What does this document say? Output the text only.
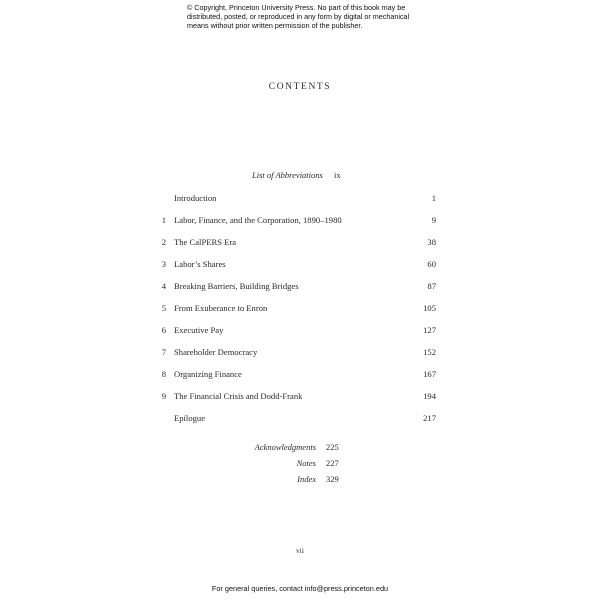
© Copyright, Princeton University Press. No part of this book may be distributed, posted, or reproduced in any form by digital or mechanical means without prior written permission of the publisher.
CONTENTS
List of Abbreviations ix
Introduction	1
1 Labor, Finance, and the Corporation, 1890–1980	9
2 The CalPERS Era	38
3 Labor’s Shares	60
4 Breaking Barriers, Building Bridges	87
5 From Exuberance to Enron	105
6 Executive Pay	127
7 Shareholder Democracy	152
8 Organizing Finance	167
9 The Financial Crisis and Dodd-Frank	194
Epilogue	217
Acknowledgments 225
Notes 227
Index 329
vii
For general queries, contact info@press.princeton.edu
